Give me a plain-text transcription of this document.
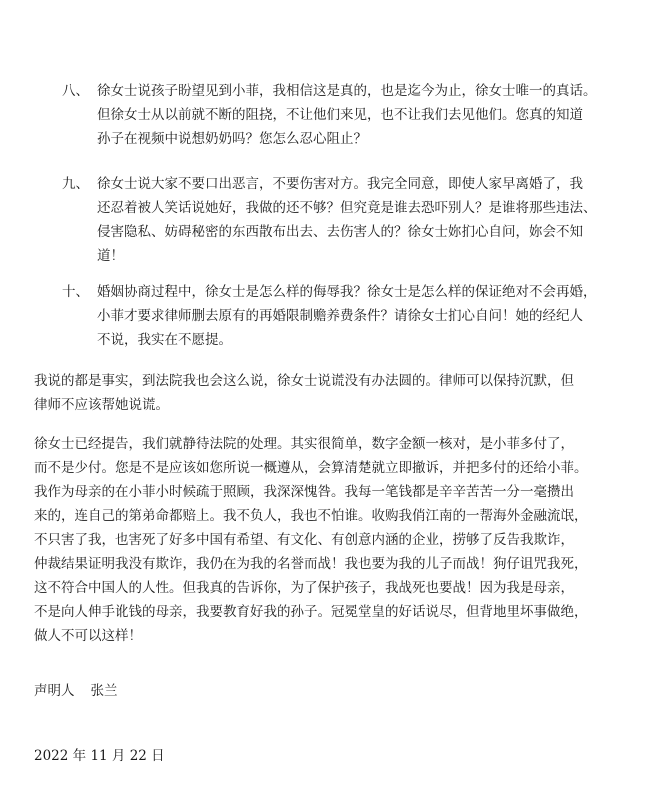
八、 徐女士说孩子盼望见到小菲，我相信这是真的，也是迄今为止，徐女士唯一的真话。
但徐女士从以前就不断的阻挠，不让他们来见，也不让我们去见他们。您真的知道
孙子在视频中说想奶奶吗？您怎么忍心阻止？
九、 徐女士说大家不要口出恶言，不要伤害对方。我完全同意，即使人家早离婚了，我
还忍着被人笑话说她好，我做的还不够？但究竟是谁去恐吓别人？是谁将那些违法、
侵害隐私、妨碍秘密的东西散布出去、去伤害人的？徐女士妳扪心自问，妳会不知
道！
十、 婚姻协商过程中，徐女士是怎么样的侮辱我？徐女士是怎么样的保证绝对不会再婚，
小菲才要求律师删去原有的再婚限制赡养费条件？请徐女士扪心自问！她的经纪人
不说，我实在不愿提。
我说的都是事实，到法院我也会这么说，徐女士说谎没有办法圆的。律师可以保持沉默，但
律师不应该帮她说谎。
徐女士已经提告，我们就静待法院的处理。其实很简单，数字金额一核对，是小菲多付了，
而不是少付。您是不是应该如您所说一概遵从，会算清楚就立即撤诉，并把多付的还给小菲。
我作为母亲的在小菲小时候疏于照顾，我深深愧咎。我每一笔钱都是辛辛苦苦一分一毫攒出
来的，连自己的第弟命都赔上。我不负人，我也不怕谁。收购我俏江南的一帮海外金融流氓，
不只害了我，也害死了好多中国有希望、有文化、有创意内涵的企业，捞够了反告我欺诈，
仲裁结果证明我没有欺诈，我仍在为我的名誉而战！我也要为我的儿子而战！狗仔诅咒我死，
这不符合中国人的人性。但我真的告诉你，为了保护孩子，我战死也要战！因为我是母亲，
不是向人伸手讹钱的母亲，我要教育好我的孙子。冠冕堂皇的好话说尽，但背地里坏事做绝，
做人不可以这样！
声明人 张兰
2022 年 11 月 22 日
